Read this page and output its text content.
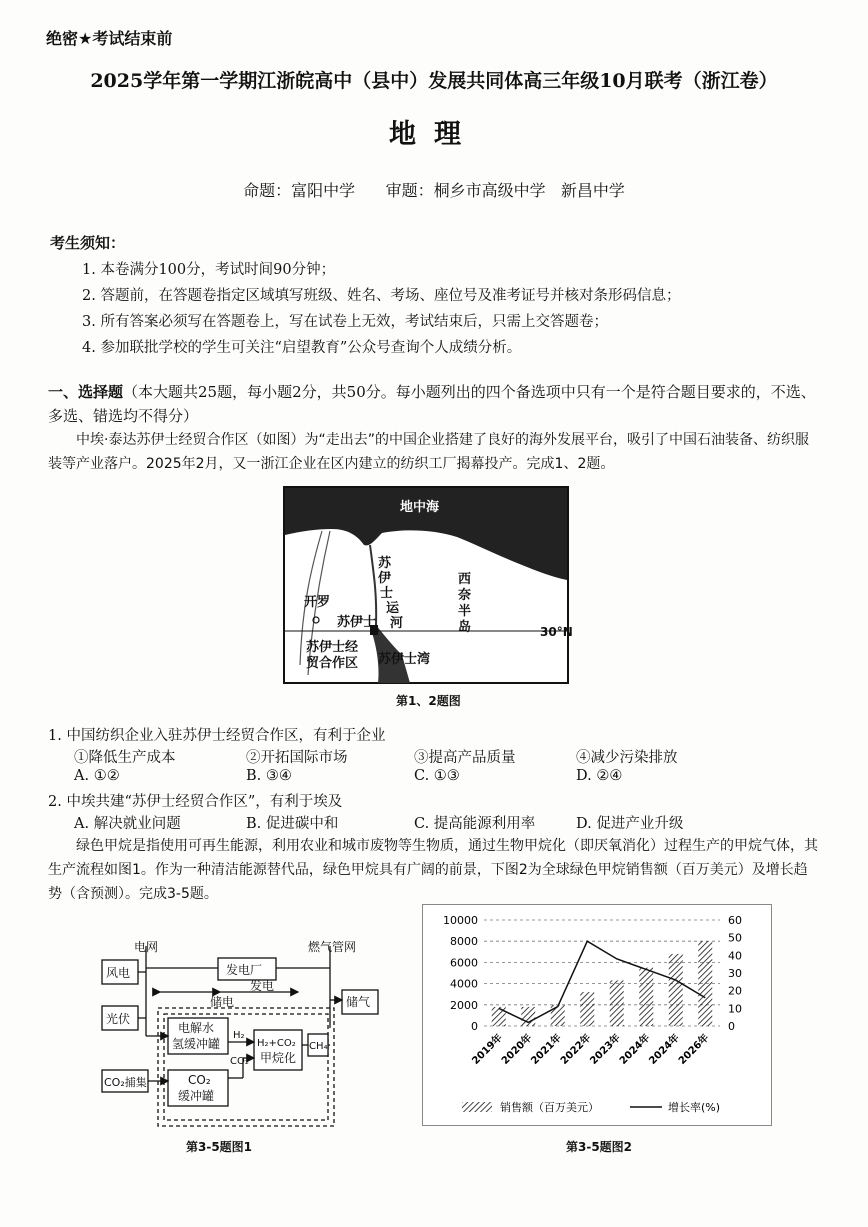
绝密★考试结束前
2025学年第一学期江浙皖高中（县中）发展共同体高三年级10月联考（浙江卷）
地理
命题：富阳中学      审题：桐乡市高级中学   新昌中学
考生须知：
1. 本卷满分100分，考试时间90分钟；
2. 答题前，在答题卷指定区域填写班级、姓名、考场、座位号及准考证号并核对条形码信息；
3. 所有答案必须写在答题卷上，写在试卷上无效，考试结束后，只需上交答题卷；
4. 参加联批学校的学生可关注“启望教育”公众号查询个人成绩分析。
一、选择题（本大题共25题，每小题2分，共50分。每小题列出的四个备选项中只有一个是符合题目要求的，不选、多选、错选均不得分）
中埃·泰达苏伊士经贸合作区（如图）为“走出去”的中国企业搭建了良好的海外发展平台，吸引了中国石油装备、纺织服装等产业落户。2025年2月，又一浙江企业在区内建立的纺织工厂揭幕投产。完成1、2题。
地中海
苏
伊
士
运
河
西
奈
半
岛
开罗
苏伊士
苏伊士经
贸合作区 苏伊士湾
30°N
第1、2题图
1. 中国纺织企业入驻苏伊士经贸合作区，有利于企业
①降低生产成本	②开拓国际市场	③提高产品质量	④减少污染排放
A. ①②	B. ③④	C. ①③	D. ②④
2. 中埃共建“苏伊士经贸合作区”，有利于埃及
A. 解决就业问题	B. 促进碳中和	C. 提高能源利用率	D. 促进产业升级
绿色甲烷是指使用可再生能源，利用农业和城市废物等生物质，通过生物甲烷化（即厌氧消化）过程生产的甲烷气体，其生产流程如图1。作为一种清洁能源替代品，绿色甲烷具有广阔的前景，下图2为全球绿色甲烷销售额（百万美元）及增长趋势（含预测）。完成3-5题。
电网	燃气管网
风电
光伏
CO₂捕集
发电厂
发电
储电	储气
电解水
氢缓冲罐
CO₂
缓冲罐
H₂+CO₂
甲烷化
H₂
CO₂
CH₄
第3-5题图1
0
2000
4000
6000
8000
10000
0
10
20
30
40
50
60
2019年
2020年
2021年
2022年
2023年
2024年
2024年
2026年
销售额（百万美元）	增长率(%)
第3-5题图2
